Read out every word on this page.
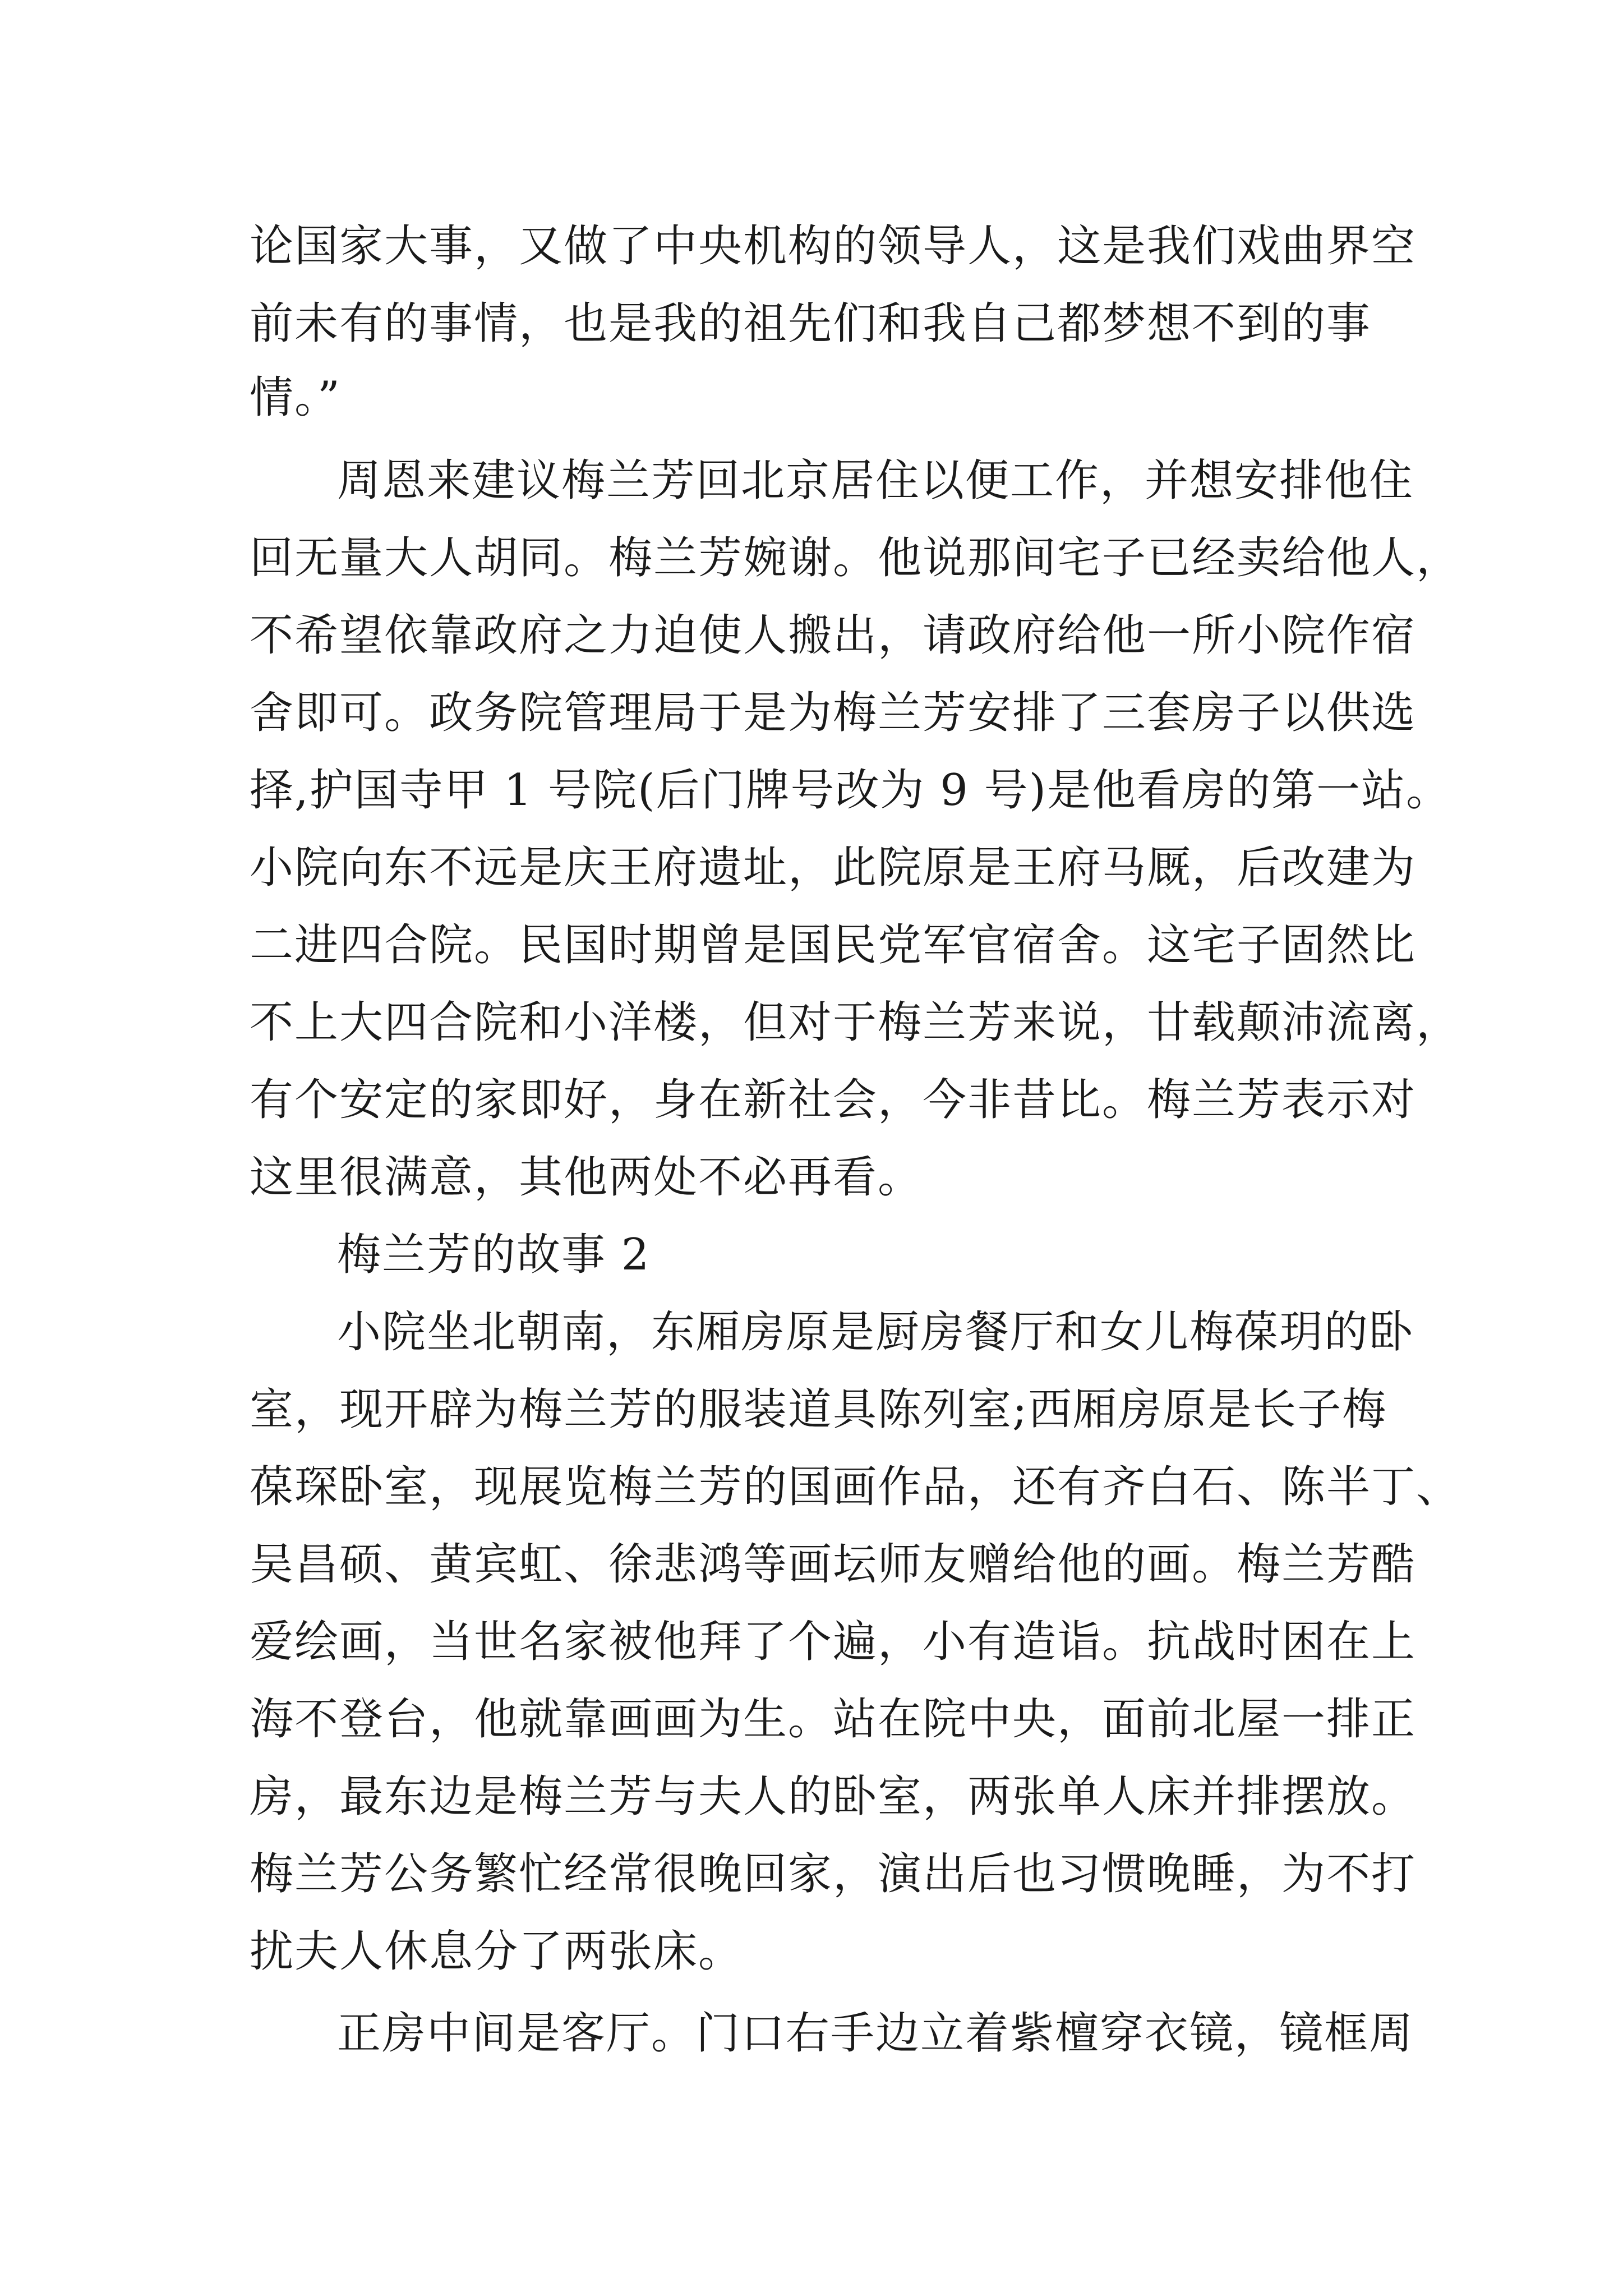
论国家大事，又做了中央机构的领导人，这是我们戏曲界空
前未有的事情，也是我的祖先们和我自己都梦想不到的事
情。”
周恩来建议梅兰芳回北京居住以便工作，并想安排他住
回无量大人胡同。梅兰芳婉谢。他说那间宅子已经卖给他人，
不希望依靠政府之力迫使人搬出，请政府给他一所小院作宿
舍即可。政务院管理局于是为梅兰芳安排了三套房子以供选
择,护国寺甲 1 号院(后门牌号改为 9 号)是他看房的第一站。
小院向东不远是庆王府遗址，此院原是王府马厩，后改建为
二进四合院。民国时期曾是国民党军官宿舍。这宅子固然比
不上大四合院和小洋楼，但对于梅兰芳来说，廿载颠沛流离，
有个安定的家即好，身在新社会，今非昔比。梅兰芳表示对
这里很满意，其他两处不必再看。
梅兰芳的故事 2
小院坐北朝南，东厢房原是厨房餐厅和女儿梅葆玥的卧
室，现开辟为梅兰芳的服装道具陈列室;西厢房原是长子梅
葆琛卧室，现展览梅兰芳的国画作品，还有齐白石、陈半丁、
吴昌硕、黄宾虹、徐悲鸿等画坛师友赠给他的画。梅兰芳酷
爱绘画，当世名家被他拜了个遍，小有造诣。抗战时困在上
海不登台，他就靠画画为生。站在院中央，面前北屋一排正
房，最东边是梅兰芳与夫人的卧室，两张单人床并排摆放。
梅兰芳公务繁忙经常很晚回家，演出后也习惯晚睡，为不打
扰夫人休息分了两张床。
正房中间是客厅。门口右手边立着紫檀穿衣镜，镜框周
